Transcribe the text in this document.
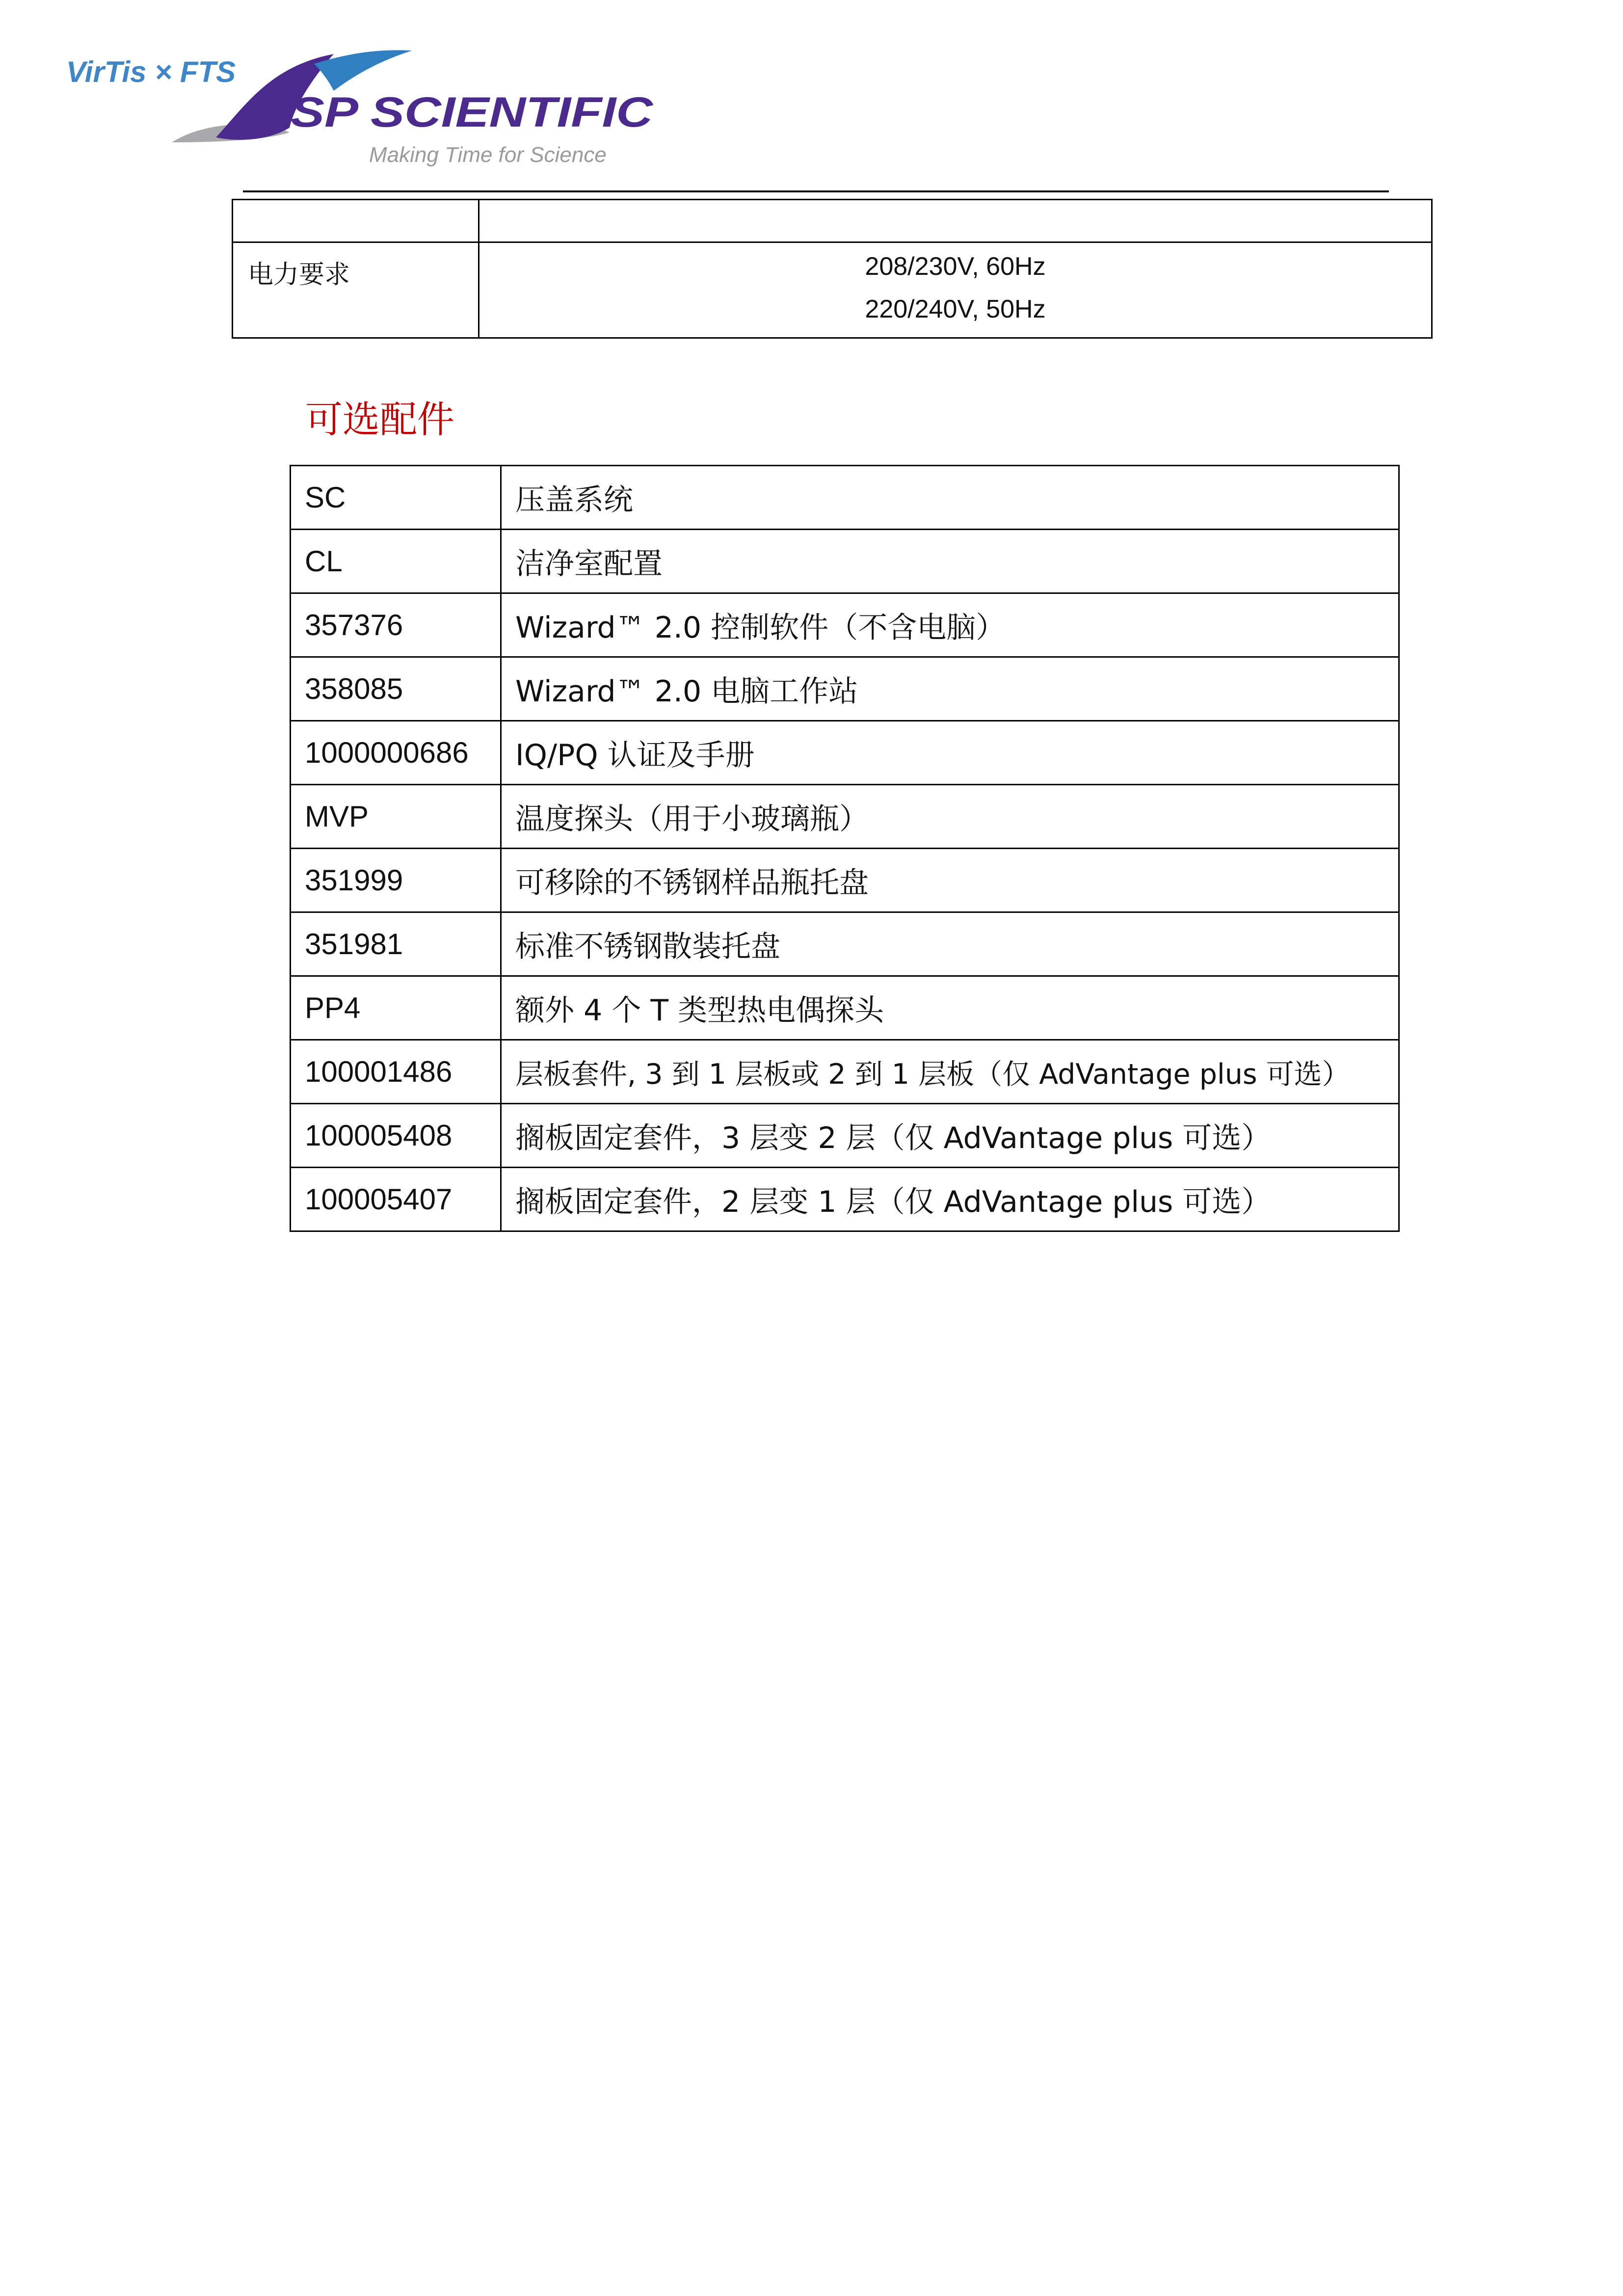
VirTis × FTS
SP SCIENTIFIC
Making Time for Science

电力要求	208/230V, 60Hz
220/240V, 50Hz
可选配件
SC	压盖系统
CL	洁净室配置
357376	Wizard™ 2.0 控制软件（不含电脑）
358085	Wizard™ 2.0 电脑工作站
1000000686	IQ/PQ 认证及手册
MVP	温度探头（用于小玻璃瓶）
351999	可移除的不锈钢样品瓶托盘
351981	标准不锈钢散装托盘
PP4	额外 4 个 T 类型热电偶探头
100001486	层板套件, 3 到 1 层板或 2 到 1 层板（仅 AdVantage plus 可选）
100005408	搁板固定套件，3 层变 2 层（仅 AdVantage plus 可选）
100005407	搁板固定套件，2 层变 1 层（仅 AdVantage plus 可选）
